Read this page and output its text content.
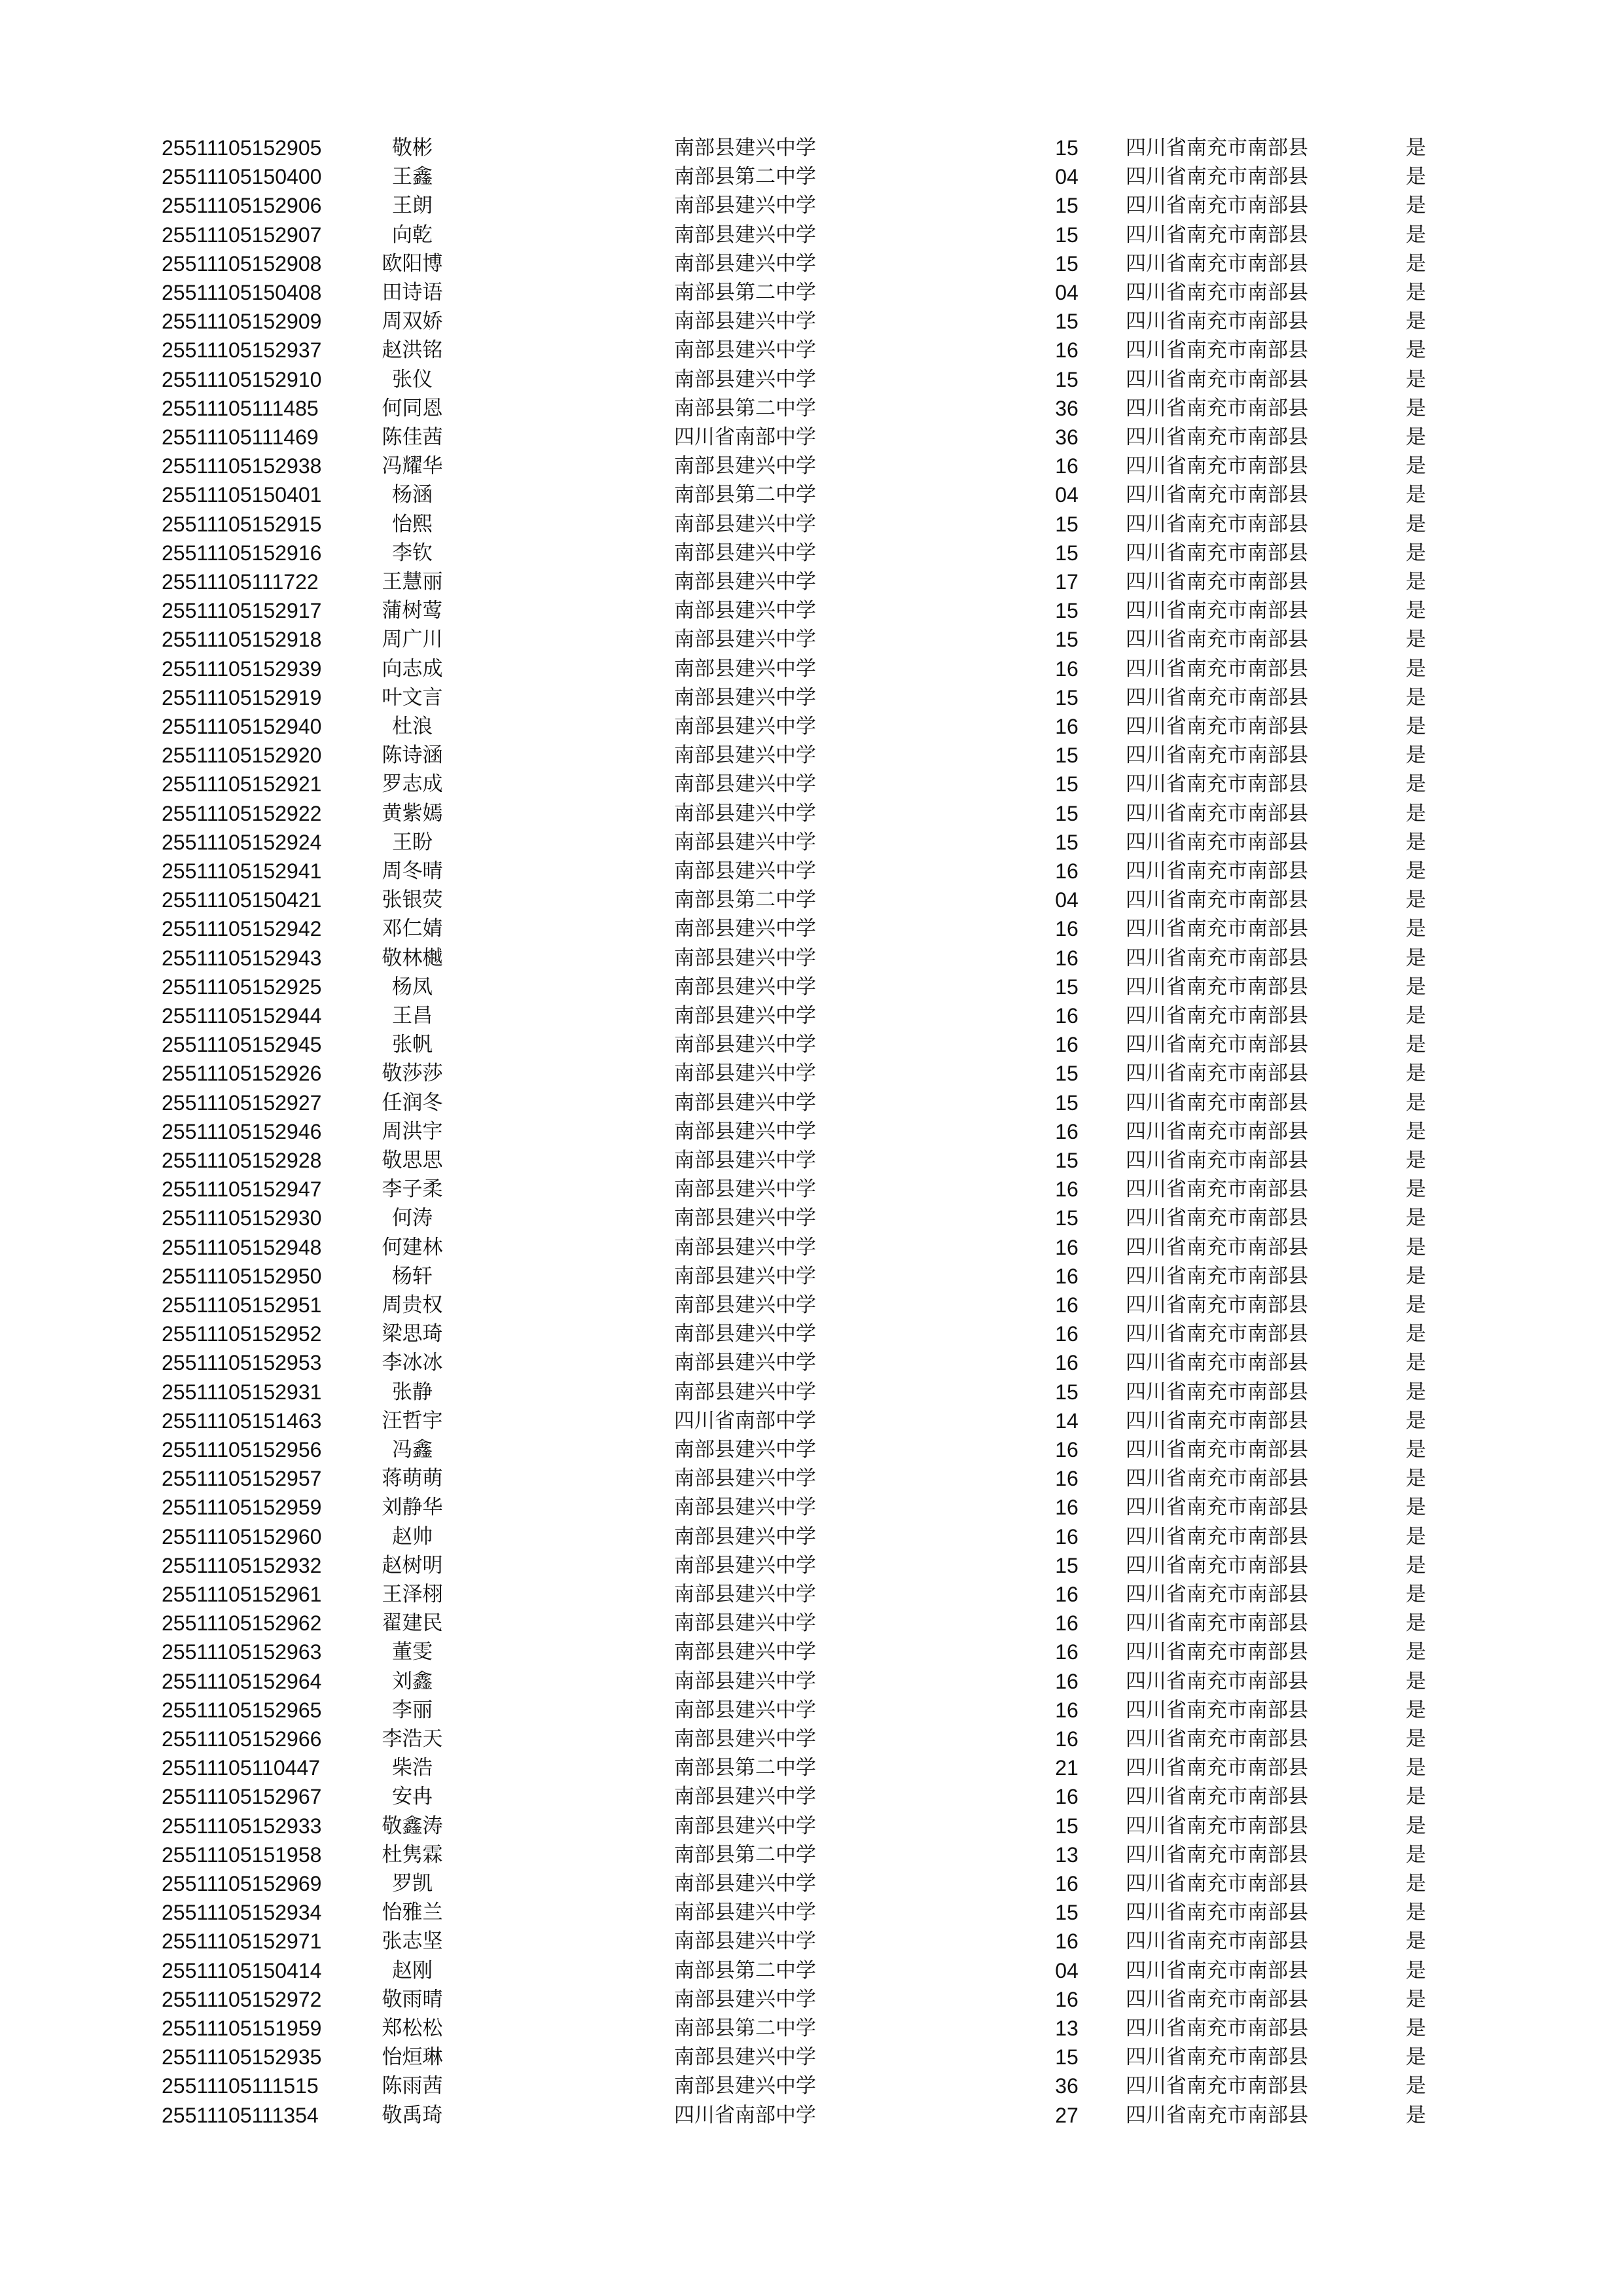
25511105152905	敬彬	南部县建兴中学	15	四川省南充市南部县	是
25511105150400	王鑫	南部县第二中学	04	四川省南充市南部县	是
25511105152906	王朗	南部县建兴中学	15	四川省南充市南部县	是
25511105152907	向乾	南部县建兴中学	15	四川省南充市南部县	是
25511105152908	欧阳博	南部县建兴中学	15	四川省南充市南部县	是
25511105150408	田诗语	南部县第二中学	04	四川省南充市南部县	是
25511105152909	周双娇	南部县建兴中学	15	四川省南充市南部县	是
25511105152937	赵洪铭	南部县建兴中学	16	四川省南充市南部县	是
25511105152910	张仪	南部县建兴中学	15	四川省南充市南部县	是
25511105111485	何同恩	南部县第二中学	36	四川省南充市南部县	是
25511105111469	陈佳茜	四川省南部中学	36	四川省南充市南部县	是
25511105152938	冯耀华	南部县建兴中学	16	四川省南充市南部县	是
25511105150401	杨涵	南部县第二中学	04	四川省南充市南部县	是
25511105152915	怡熙	南部县建兴中学	15	四川省南充市南部县	是
25511105152916	李钦	南部县建兴中学	15	四川省南充市南部县	是
25511105111722	王慧丽	南部县建兴中学	17	四川省南充市南部县	是
25511105152917	蒲树莺	南部县建兴中学	15	四川省南充市南部县	是
25511105152918	周广川	南部县建兴中学	15	四川省南充市南部县	是
25511105152939	向志成	南部县建兴中学	16	四川省南充市南部县	是
25511105152919	叶文言	南部县建兴中学	15	四川省南充市南部县	是
25511105152940	杜浪	南部县建兴中学	16	四川省南充市南部县	是
25511105152920	陈诗涵	南部县建兴中学	15	四川省南充市南部县	是
25511105152921	罗志成	南部县建兴中学	15	四川省南充市南部县	是
25511105152922	黄紫嫣	南部县建兴中学	15	四川省南充市南部县	是
25511105152924	王盼	南部县建兴中学	15	四川省南充市南部县	是
25511105152941	周冬晴	南部县建兴中学	16	四川省南充市南部县	是
25511105150421	张银荧	南部县第二中学	04	四川省南充市南部县	是
25511105152942	邓仁婧	南部县建兴中学	16	四川省南充市南部县	是
25511105152943	敬林樾	南部县建兴中学	16	四川省南充市南部县	是
25511105152925	杨凤	南部县建兴中学	15	四川省南充市南部县	是
25511105152944	王昌	南部县建兴中学	16	四川省南充市南部县	是
25511105152945	张帆	南部县建兴中学	16	四川省南充市南部县	是
25511105152926	敬莎莎	南部县建兴中学	15	四川省南充市南部县	是
25511105152927	任润冬	南部县建兴中学	15	四川省南充市南部县	是
25511105152946	周洪宇	南部县建兴中学	16	四川省南充市南部县	是
25511105152928	敬思思	南部县建兴中学	15	四川省南充市南部县	是
25511105152947	李子柔	南部县建兴中学	16	四川省南充市南部县	是
25511105152930	何涛	南部县建兴中学	15	四川省南充市南部县	是
25511105152948	何建林	南部县建兴中学	16	四川省南充市南部县	是
25511105152950	杨轩	南部县建兴中学	16	四川省南充市南部县	是
25511105152951	周贵权	南部县建兴中学	16	四川省南充市南部县	是
25511105152952	梁思琦	南部县建兴中学	16	四川省南充市南部县	是
25511105152953	李冰冰	南部县建兴中学	16	四川省南充市南部县	是
25511105152931	张静	南部县建兴中学	15	四川省南充市南部县	是
25511105151463	汪哲宇	四川省南部中学	14	四川省南充市南部县	是
25511105152956	冯鑫	南部县建兴中学	16	四川省南充市南部县	是
25511105152957	蒋萌萌	南部县建兴中学	16	四川省南充市南部县	是
25511105152959	刘静华	南部县建兴中学	16	四川省南充市南部县	是
25511105152960	赵帅	南部县建兴中学	16	四川省南充市南部县	是
25511105152932	赵树明	南部县建兴中学	15	四川省南充市南部县	是
25511105152961	王泽栩	南部县建兴中学	16	四川省南充市南部县	是
25511105152962	翟建民	南部县建兴中学	16	四川省南充市南部县	是
25511105152963	董雯	南部县建兴中学	16	四川省南充市南部县	是
25511105152964	刘鑫	南部县建兴中学	16	四川省南充市南部县	是
25511105152965	李丽	南部县建兴中学	16	四川省南充市南部县	是
25511105152966	李浩天	南部县建兴中学	16	四川省南充市南部县	是
25511105110447	柴浩	南部县第二中学	21	四川省南充市南部县	是
25511105152967	安冉	南部县建兴中学	16	四川省南充市南部县	是
25511105152933	敬鑫涛	南部县建兴中学	15	四川省南充市南部县	是
25511105151958	杜隽霖	南部县第二中学	13	四川省南充市南部县	是
25511105152969	罗凯	南部县建兴中学	16	四川省南充市南部县	是
25511105152934	怡雅兰	南部县建兴中学	15	四川省南充市南部县	是
25511105152971	张志坚	南部县建兴中学	16	四川省南充市南部县	是
25511105150414	赵刚	南部县第二中学	04	四川省南充市南部县	是
25511105152972	敬雨晴	南部县建兴中学	16	四川省南充市南部县	是
25511105151959	郑松松	南部县第二中学	13	四川省南充市南部县	是
25511105152935	怡烜琳	南部县建兴中学	15	四川省南充市南部县	是
25511105111515	陈雨茜	南部县建兴中学	36	四川省南充市南部县	是
25511105111354	敬禹琦	四川省南部中学	27	四川省南充市南部县	是
